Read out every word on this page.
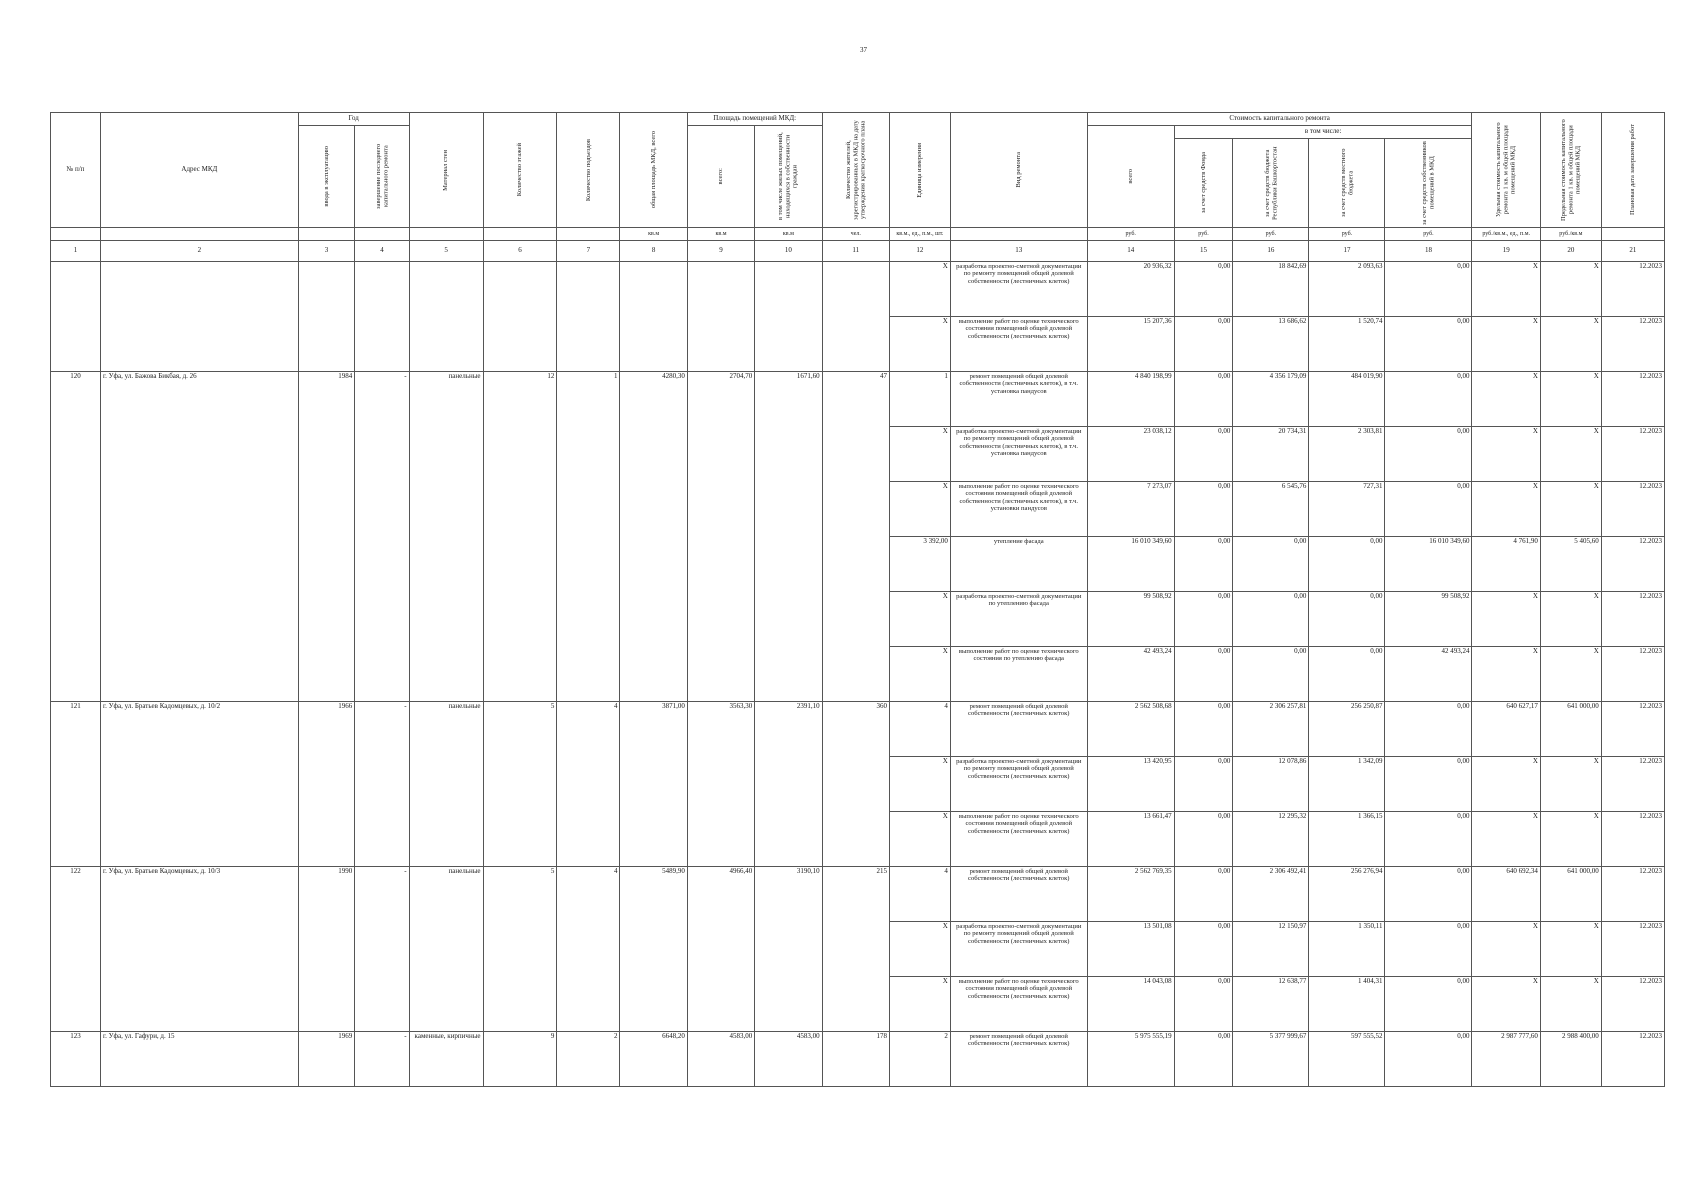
37
№ п/п	Адрес МКД	Год		Материал стен	Количество этажей	Количество подъездов	общая площадь МКД, всего	Площадь помещений МКД:		Количество жителей, зарегистрированных в МКД на дату утверждения краткосрочного плана	Единица измерения	Вид ремонта	Стоимость капитального ремонта					Удельная стоимость капитального ремонта 1 кв. м общей площади помещений МКД	Предельная стоимость капитального ремонта 1 кв. м общей площади помещений МКД	Плановая дата завершения работ

		ввода в эксплуатацию	завершение последнего капитального ремонта					всего:	в том числе жилых помещений, находящихся в собственности граждан				всего	в том числе:						

														за счет средств Фонда	за счет средств бюджета Республики Башкортостан	за счет средств местного бюджета	за счет средств собственников помещений в МКД			

							кв.м	кв.м	кв.м	чел.	кв.м., ед., п.м., шт.		руб.	руб.	руб.	руб.	руб.	руб./кв.м., ед., п.м.	руб./кв.м	
1	2	3	4	5	6	7	8	9	10	11	12	13	14	15	16	17	18	19	20	21
											X	разработка проектно-сметной документации по ремонту помещений общей долевой собственности (лестничных клеток)	20 936,32	0,00	18 842,69	2 093,63	0,00	X	X	12.2023
											X	выполнение работ по оценке технического состояния помещений общей долевой собственности (лестничных клеток)	15 207,36	0,00	13 686,62	1 520,74	0,00	X	X	12.2023
120	г. Уфа, ул. Бажова Бикбая, д. 26	1984	-	панельные	12	1	4280,30	2704,70	1671,60	47	1	ремонт помещений общей долевой собственности (лестничных клеток), в т.ч. установка пандусов	4 840 198,99	0,00	4 356 179,09	484 019,90	0,00	X	X	12.2023
											X	разработка проектно-сметной документации по ремонту помещений общей долевой собственности (лестничных клеток), в т.ч. установка пандусов	23 038,12	0,00	20 734,31	2 303,81	0,00	X	X	12.2023
											X	выполнение работ по оценке технического состояния помещений общей долевой собственности (лестничных клеток), в т.ч. установки пандусов	7 273,07	0,00	6 545,76	727,31	0,00	X	X	12.2023
											3 392,00	утепление фасада	16 010 349,60	0,00	0,00	0,00	16 010 349,60	4 761,90	5 405,60	12.2023
											X	разработка проектно-сметной документации по утеплению фасада	99 508,92	0,00	0,00	0,00	99 508,92	X	X	12.2023
											X	выполнение работ по оценке технического состояния по утеплению фасада	42 493,24	0,00	0,00	0,00	42 493,24	X	X	12.2023
121	г. Уфа, ул. Братьев Кадомцевых, д. 10/2	1966	-	панельные	5	4	3871,00	3563,30	2391,10	360	4	ремонт помещений общей долевой собственности (лестничных клеток)	2 562 508,68	0,00	2 306 257,81	256 250,87	0,00	640 627,17	641 000,00	12.2023
											X	разработка проектно-сметной документации по ремонту помещений общей долевой собственности (лестничных клеток)	13 420,95	0,00	12 078,86	1 342,09	0,00	X	X	12.2023
											X	выполнение работ по оценке технического состояния помещений общей долевой собственности (лестничных клеток)	13 661,47	0,00	12 295,32	1 366,15	0,00	X	X	12.2023
122	г. Уфа, ул. Братьев Кадомцевых, д. 10/3	1990	-	панельные	5	4	5489,90	4966,40	3190,10	215	4	ремонт помещений общей долевой собственности (лестничных клеток)	2 562 769,35	0,00	2 306 492,41	256 276,94	0,00	640 692,34	641 000,00	12.2023
											X	разработка проектно-сметной документации по ремонту помещений общей долевой собственности (лестничных клеток)	13 501,08	0,00	12 150,97	1 350,11	0,00	X	X	12.2023
											X	выполнение работ по оценке технического состояния помещений общей долевой собственности (лестничных клеток)	14 043,08	0,00	12 638,77	1 404,31	0,00	X	X	12.2023
123	г. Уфа, ул. Гафури, д. 15	1969	-	каменные, кирпичные	9	2	6648,20	4583,00	4583,00	178	2	ремонт помещений общей долевой собственности (лестничных клеток)	5 975 555,19	0,00	5 377 999,67	597 555,52	0,00	2 987 777,60	2 988 400,00	12.2023
